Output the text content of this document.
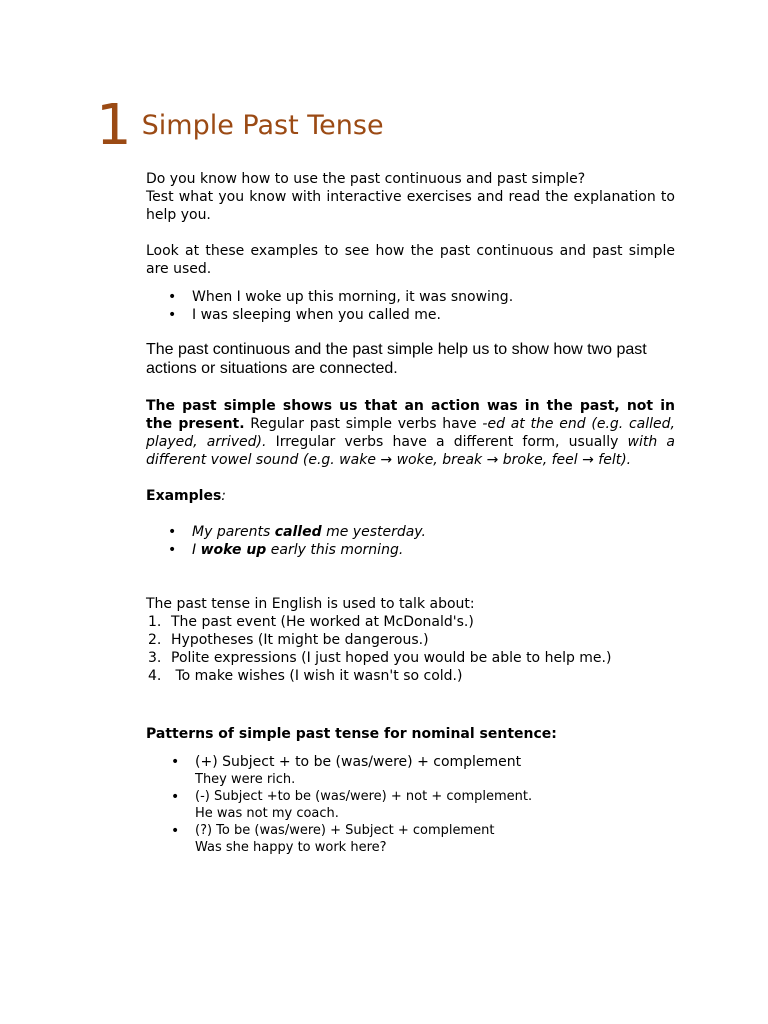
1 Simple Past Tense

Do you know how to use the past continuous and past simple?

Test what you know with interactive exercises and read the explanation to help you.

Look at these examples to see how the past continuous and past simple are used.

• When I woke up this morning, it was snowing.
• I was sleeping when you called me.

The past continuous and the past simple help us to show how two past actions or situations are connected.

The past simple shows us that an action was in the past, not in the present. Regular past simple verbs have -ed at the end (e.g. called, played, arrived). Irregular verbs have a different form, usually with a different vowel sound (e.g. wake → woke, break → broke, feel → felt).

Examples:

• My parents called me yesterday.
• I woke up early this morning.

The past tense in English is used to talk about:

1. The past event (He worked at McDonald's.)
2. Hypotheses (It might be dangerous.)
3. Polite expressions (I just hoped you would be able to help me.)
4. To make wishes (I wish it wasn't so cold.)

Patterns of simple past tense for nominal sentence:

• (+) Subject + to be (was/were) + complement
They were rich.
• (-) Subject +to be (was/were) + not + complement.
He was not my coach.
• (?) To be (was/were) + Subject + complement
Was she happy to work here?
